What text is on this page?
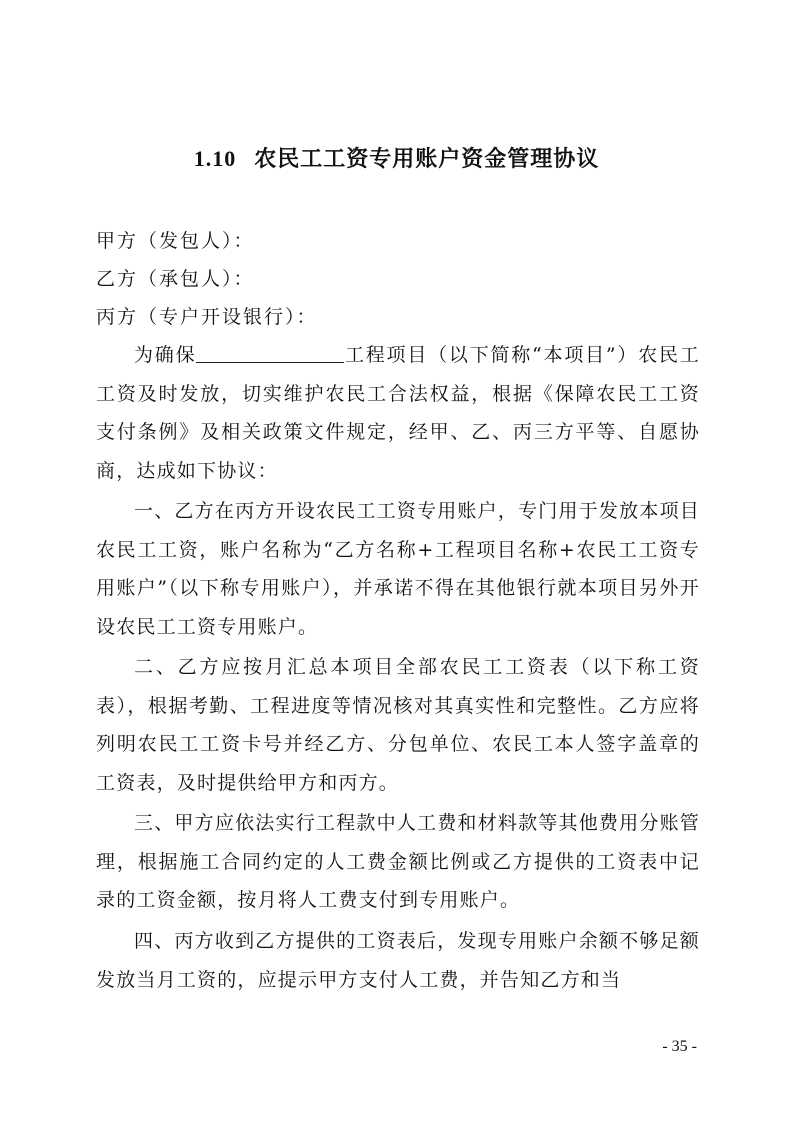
1.10 农民工工资专用账户资金管理协议
甲方（发包人）：
乙方（承包人）：
丙方（专户开设银行）：

为确保	工程项目（以下简称“本项目”）农民工工资及时发放，切实维护农民工合法权益，根据《保障农民工工资支付条例》及相关政策文件规定，经甲、乙、丙三方平等、自愿协商，达成如下协议：

一、乙方在丙方开设农民工工资专用账户，专门用于发放本项目农民工工资，账户名称为“乙方名称+工程项目名称+农民工工资专用账户”（以下称专用账户），并承诺不得在其他银行就本项目另外开设农民工工资专用账户。

二、乙方应按月汇总本项目全部农民工工资表（以下称工资表），根据考勤、工程进度等情况核对其真实性和完整性。乙方应将列明农民工工资卡号并经乙方、分包单位、农民工本人签字盖章的工资表，及时提供给甲方和丙方。

三、甲方应依法实行工程款中人工费和材料款等其他费用分账管理，根据施工合同约定的人工费金额比例或乙方提供的工资表中记录的工资金额，按月将人工费支付到专用账户。

四、丙方收到乙方提供的工资表后，发现专用账户余额不够足额发放当月工资的，应提示甲方支付人工费，并告知乙方和当

- 35 -
